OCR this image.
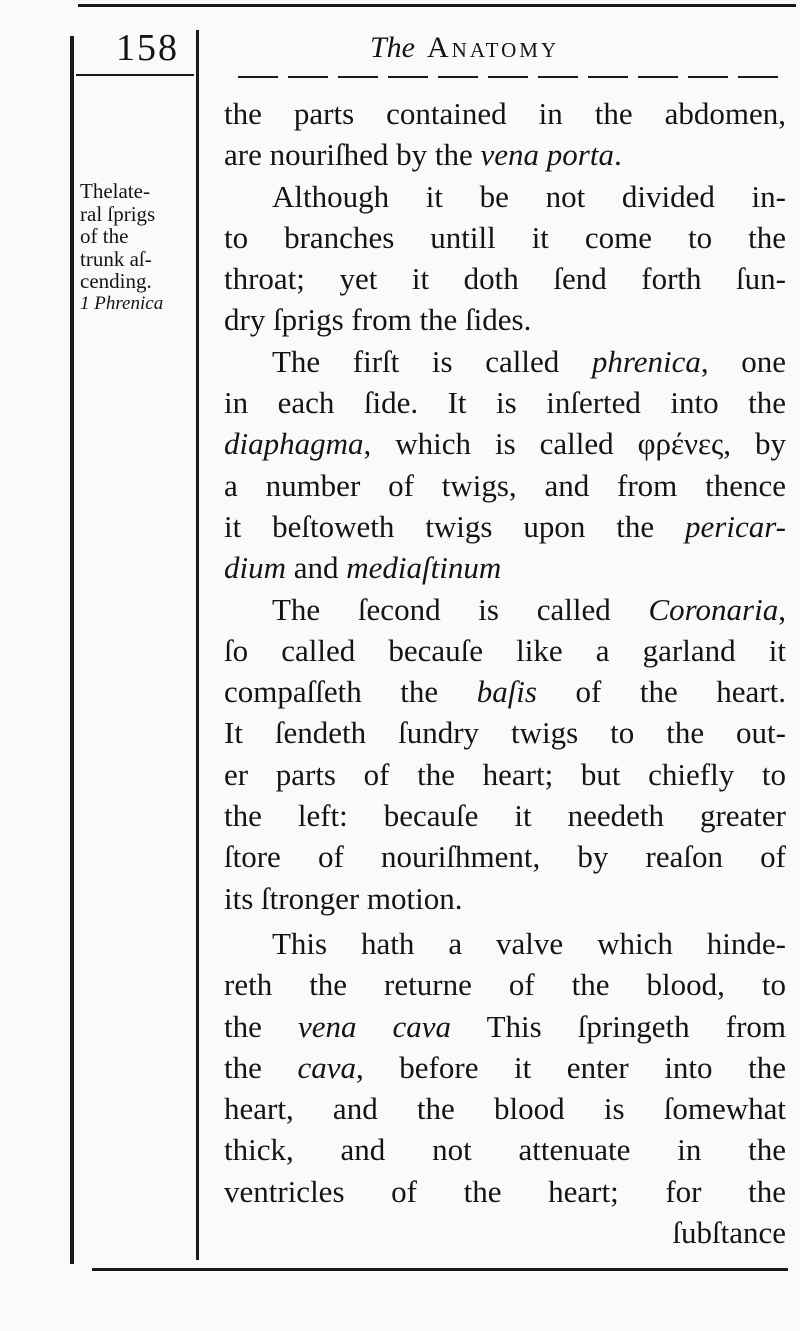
158	The Anatomy
Thelate-
ral ſprigs
of the
trunk aſ-
cending.
1 Phrenica
the parts contained in the abdomen,
are nouriſhed by the vena porta.
Although it be not divided in-
to branches untill it come to the
throat; yet it doth ſend forth ſun-
dry ſprigs from the ſides.
The firſt is called phrenica, one
in each ſide. It is inſerted into the
diaphagma, which is called φρένες, by
a number of twigs, and from thence
it beſtoweth twigs upon the pericar-
dium and mediaſtinum
The ſecond is called Coronaria,
ſo called becauſe like a garland it
compaſſeth the baſis of the heart.
It ſendeth ſundry twigs to the out-
er parts of the heart; but chiefly to
the left: becauſe it needeth greater
ſtore of nouriſhment, by reaſon of
its ſtronger motion.
This hath a valve which hinde-
reth the returne of the blood, to
the vena cava This ſpringeth from
the cava, before it enter into the
heart, and the blood is ſomewhat
thick, and not attenuate in the
ventricles of the heart; for the
ſubſtance
